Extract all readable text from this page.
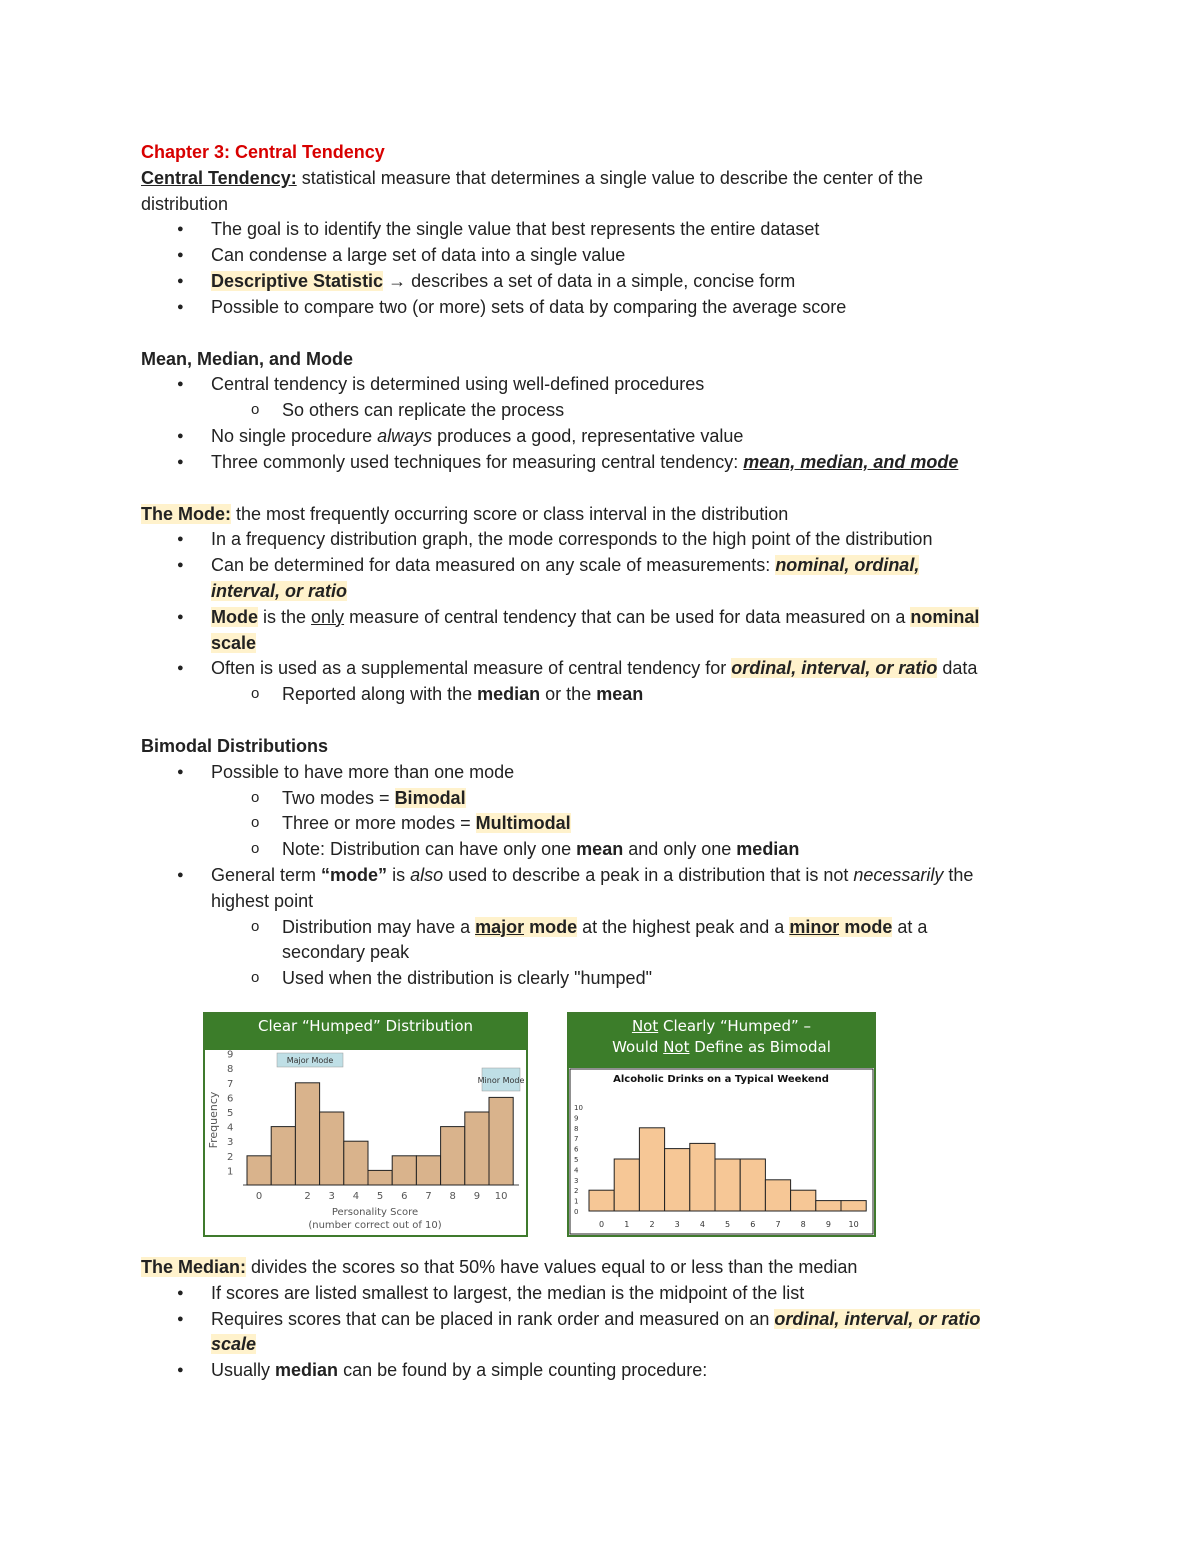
Chapter 3: Central Tendency
Central Tendency: statistical measure that determines a single value to describe the center of the
distribution
● The goal is to identify the single value that best represents the entire dataset
● Can condense a large set of data into a single value
● Descriptive Statistic → describes a set of data in a simple, concise form
● Possible to compare two (or more) sets of data by comparing the average score
Mean, Median, and Mode
● Central tendency is determined using well-defined procedures
o So others can replicate the process
● No single procedure always produces a good, representative value
● Three commonly used techniques for measuring central tendency: mean, median, and mode
The Mode: the most frequently occurring score or class interval in the distribution
● In a frequency distribution graph, the mode corresponds to the high point of the distribution
● Can be determined for data measured on any scale of measurements: nominal, ordinal,
interval, or ratio
● Mode is the only measure of central tendency that can be used for data measured on a nominal
scale
● Often is used as a supplemental measure of central tendency for ordinal, interval, or ratio data
o Reported along with the median or the mean
Bimodal Distributions
● Possible to have more than one mode
o Two modes = Bimodal
o Three or more modes = Multimodal
o Note: Distribution can have only one mean and only one median
● General term “mode” is also used to describe a peak in a distribution that is not necessarily the
highest point
o Distribution may have a major mode at the highest peak and a minor mode at a
secondary peak
o Used when the distribution is clearly "humped"
Clear “Humped” Distribution
1
2
3
4
5
6
7
8
9
0	2 3 4 5 6 7 8 9 10
Personality Score
(number correct out of 10)
Frequency
Major Mode
Minor Mode
Not Clearly “Humped” –
Would Not Define as Bimodal
Alcoholic Drinks on a Typical Weekend
0
1
2
3
4
5
6
7
8
9
10
0	1	2	3	4	5	6	7	8	9 10
The Median: divides the scores so that 50% have values equal to or less than the median
● If scores are listed smallest to largest, the median is the midpoint of the list
● Requires scores that can be placed in rank order and measured on an ordinal, interval, or ratio
scale
● Usually median can be found by a simple counting procedure:
